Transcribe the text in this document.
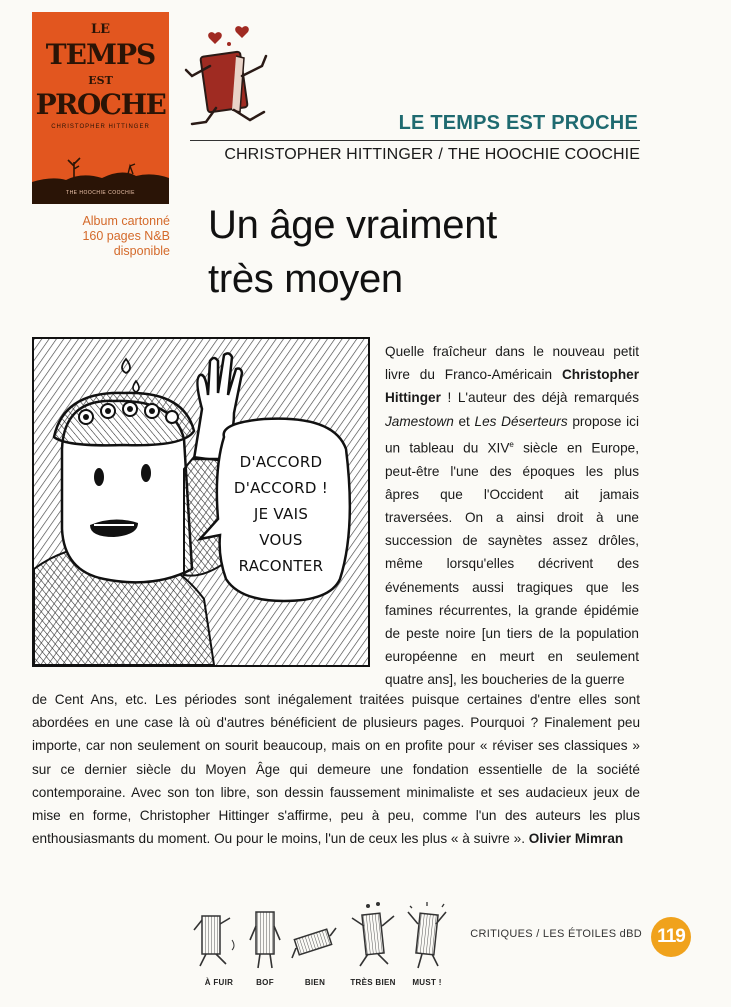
LE
TEMPS
EST
PROCHE
CHRISTOPHER HITTINGER
THE HOOCHIE COOCHIE
Album cartonné
160 pages N&B
disponible
LE TEMPS EST PROCHE
CHRISTOPHER HITTINGER / THE HOOCHIE COOCHIE
Un âge vraiment
très moyen
D'ACCORD
D'ACCORD !
JE VAIS
VOUS
RACONTER
Quelle fraîcheur dans le nouveau petit livre du Franco-Américain Christopher Hittinger ! L'auteur des déjà remarqués Jamestown et Les Déserteurs propose ici un tableau du XIVe siècle en Europe, peut-être l'une des époques les plus âpres que l'Occident ait jamais traversées. On a ainsi droit à une succession de saynètes assez drôles, même lorsqu'elles décrivent des événements aussi tragiques que les famines récurrentes, la grande épidémie de peste noire [un tiers de la population européenne en meurt en seulement quatre ans], les boucheries de la guerre
de Cent Ans, etc. Les périodes sont inégalement traitées puisque certaines d'entre elles sont abordées en une case là où d'autres bénéficient de plusieurs pages. Pourquoi ? Finalement peu importe, car non seulement on sourit beaucoup, mais on en profite pour « réviser ses classiques » sur ce dernier siècle du Moyen Âge qui demeure une fondation essentielle de la société contemporaine. Avec son ton libre, son dessin faussement minimaliste et ses audacieux jeux de mise en forme, Christopher Hittinger s'affirme, peu à peu, comme l'un des auteurs les plus enthousiasmants du moment. Ou pour le moins, l'un de ceux les plus « à suivre ». Olivier Mimran
À FUIR	BOF	BIEN	TRÈS BIEN	MUST !
CRITIQUES / LES ÉTOILES dBD 119
